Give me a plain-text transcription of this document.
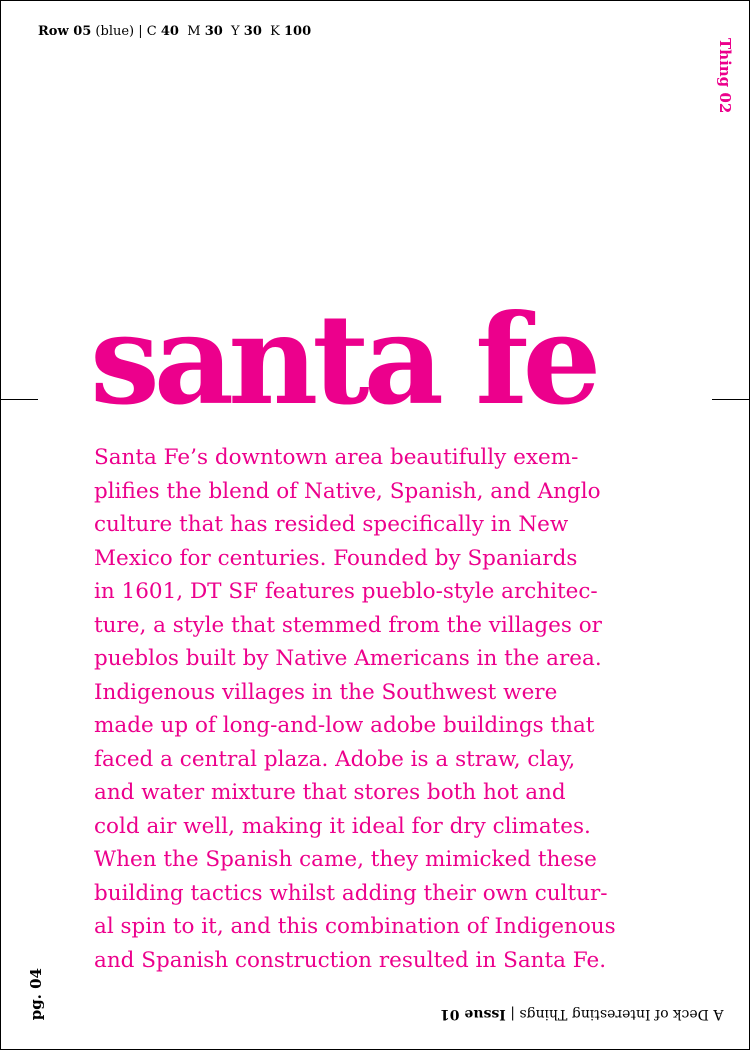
Row 05 (blue) | C 40 M 30 Y 30 K 100
Thing 02
santa fe
Santa Fe’s downtown area beautifully exem-
plifies the blend of Native, Spanish, and Anglo
culture that has resided specifically in New
Mexico for centuries. Founded by Spaniards
in 1601, DT SF features pueblo-style architec-
ture, a style that stemmed from the villages or
pueblos built by Native Americans in the area.
Indigenous villages in the Southwest were
made up of long-and-low adobe buildings that
faced a central plaza. Adobe is a straw, clay,
and water mixture that stores both hot and
cold air well, making it ideal for dry climates.
When the Spanish came, they mimicked these
building tactics whilst adding their own cultur-
al spin to it, and this combination of Indigenous
and Spanish construction resulted in Santa Fe.
pg. 04	A Deck of Interesting Things | Issue 01
